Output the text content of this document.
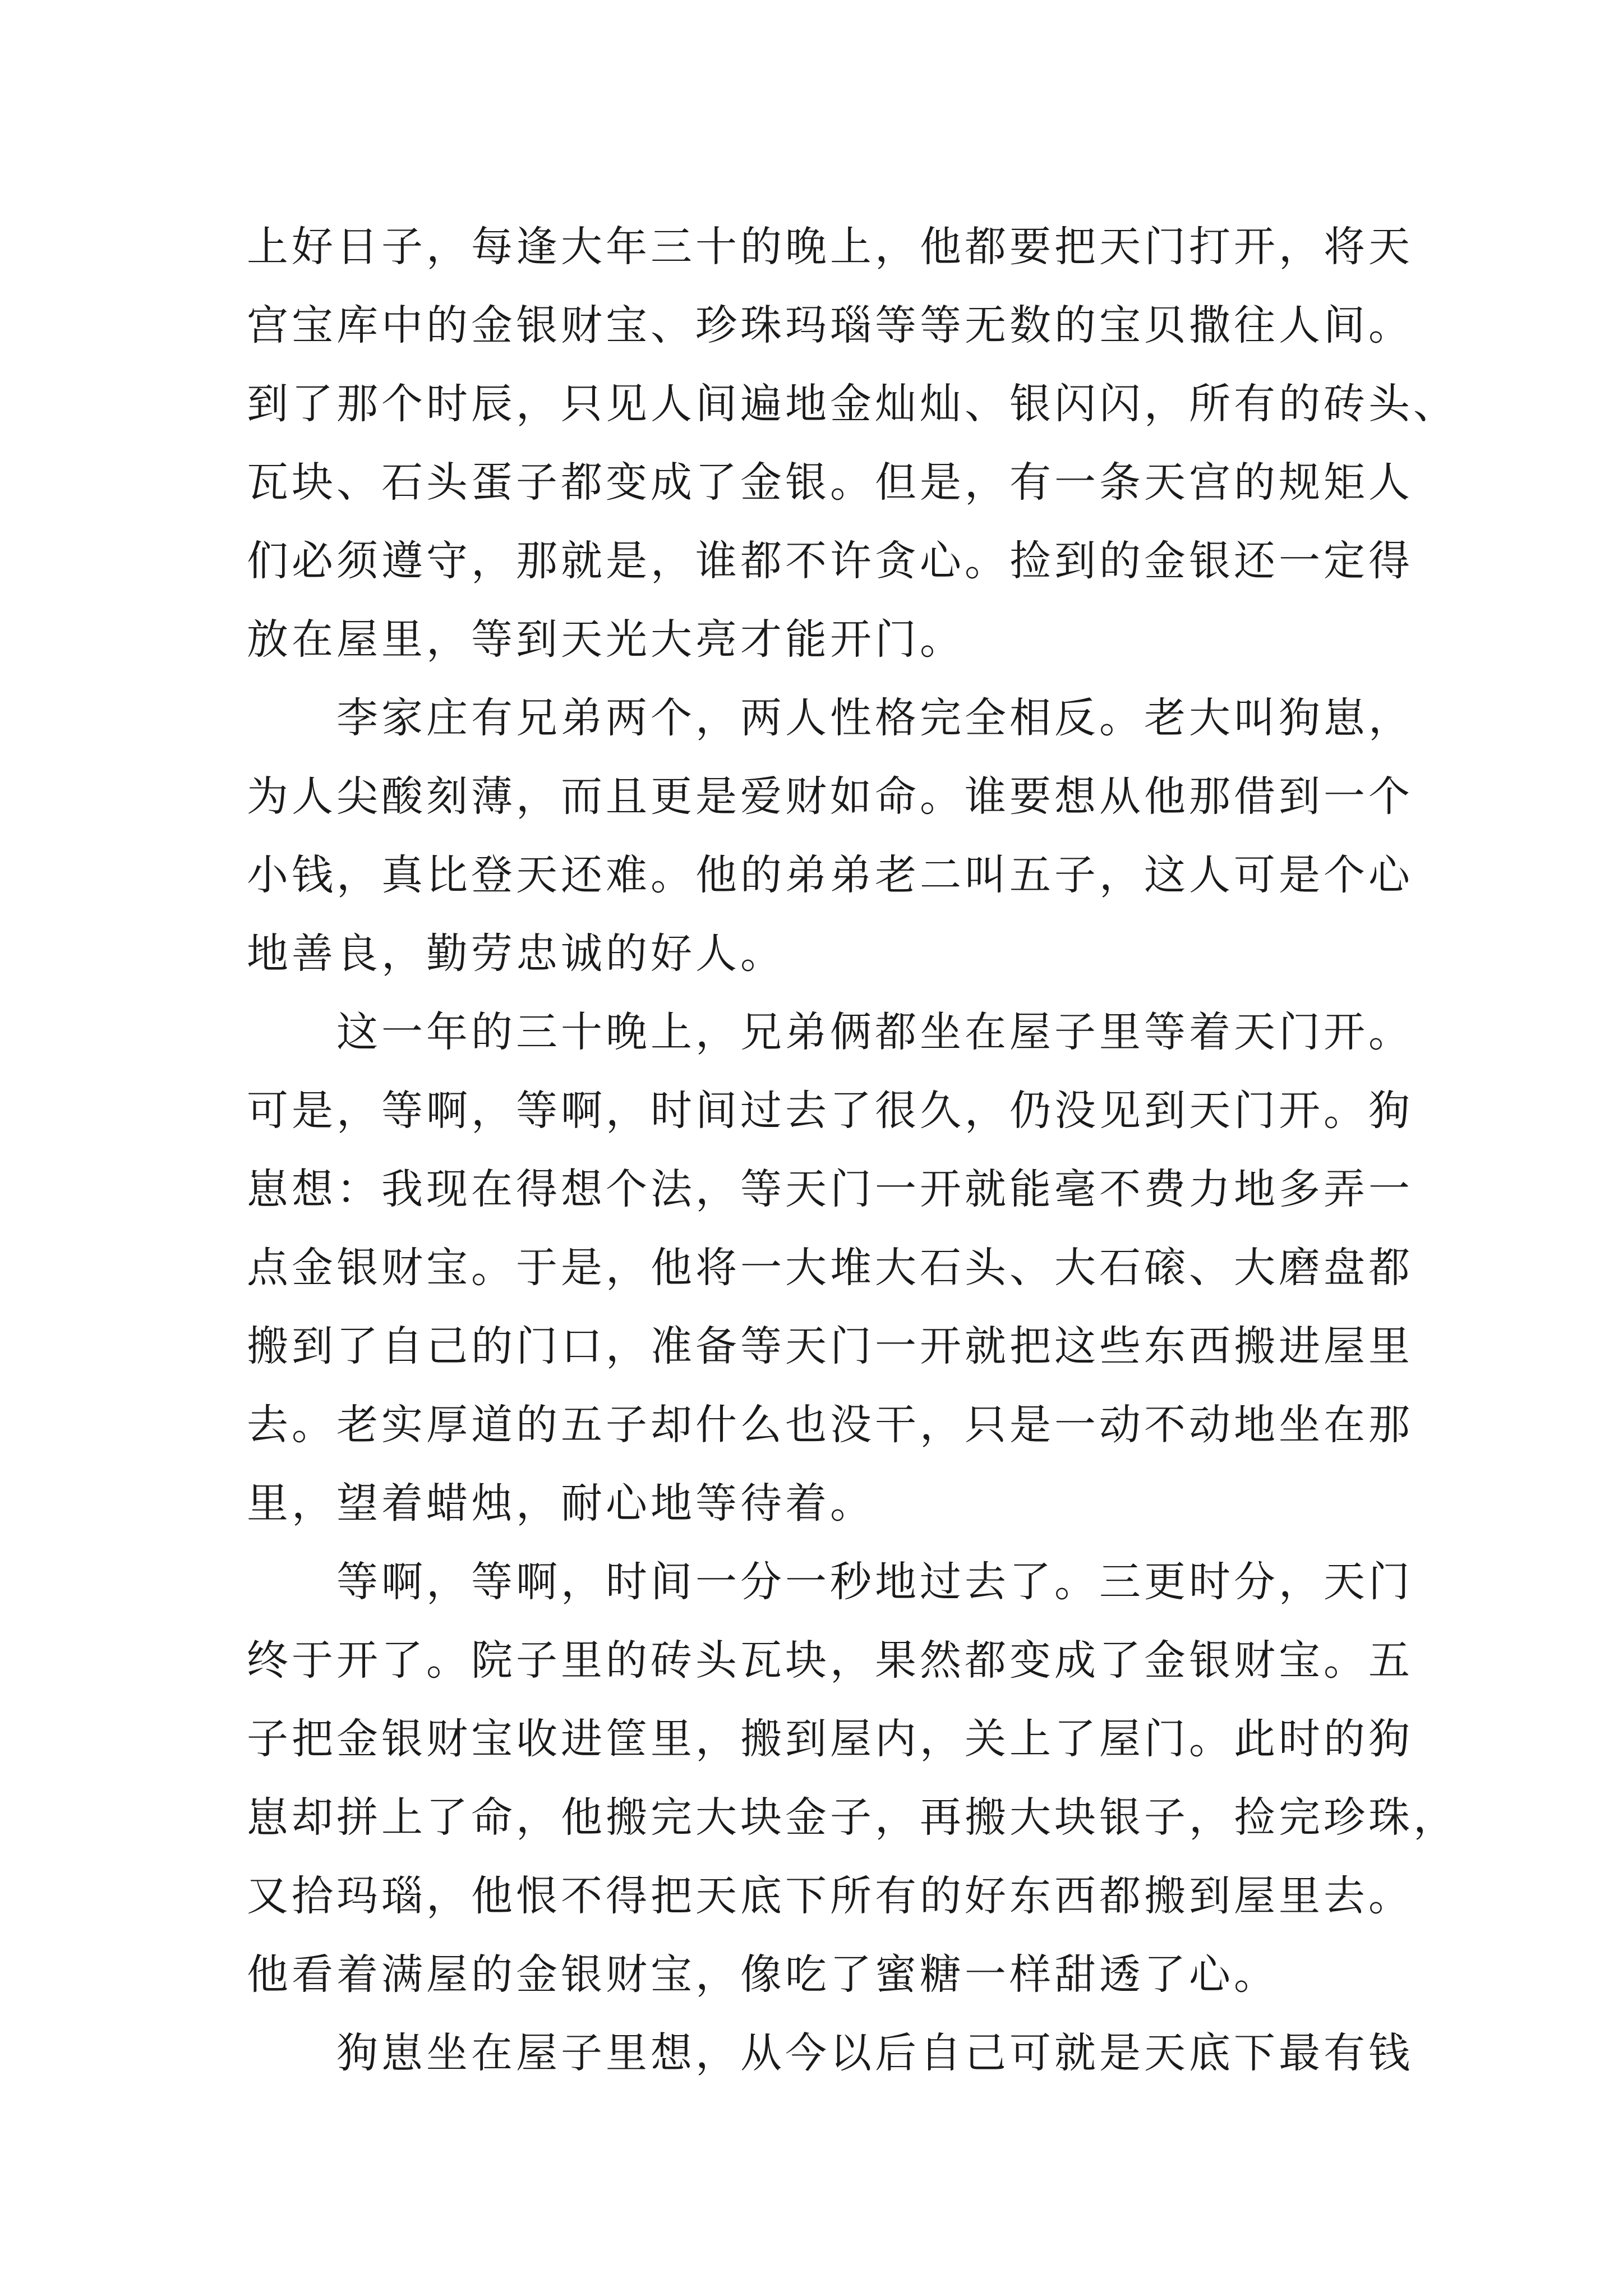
上好日子，每逢大年三十的晚上，他都要把天门打开，将天
宫宝库中的金银财宝、珍珠玛瑙等等无数的宝贝撒往人间。
到了那个时辰，只见人间遍地金灿灿、银闪闪，所有的砖头、
瓦块、石头蛋子都变成了金银。但是，有一条天宫的规矩人
们必须遵守，那就是，谁都不许贪心。捡到的金银还一定得
放在屋里，等到天光大亮才能开门。
李家庄有兄弟两个，两人性格完全相反。老大叫狗崽，
为人尖酸刻薄，而且更是爱财如命。谁要想从他那借到一个
小钱，真比登天还难。他的弟弟老二叫五子，这人可是个心
地善良，勤劳忠诚的好人。
这一年的三十晚上，兄弟俩都坐在屋子里等着天门开。
可是，等啊，等啊，时间过去了很久，仍没见到天门开。狗
崽想：我现在得想个法，等天门一开就能毫不费力地多弄一
点金银财宝。于是，他将一大堆大石头、大石磙、大磨盘都
搬到了自己的门口，准备等天门一开就把这些东西搬进屋里
去。老实厚道的五子却什么也没干，只是一动不动地坐在那
里，望着蜡烛，耐心地等待着。
等啊，等啊，时间一分一秒地过去了。三更时分，天门
终于开了。院子里的砖头瓦块，果然都变成了金银财宝。五
子把金银财宝收进筐里，搬到屋内，关上了屋门。此时的狗
崽却拼上了命，他搬完大块金子，再搬大块银子，捡完珍珠，
又拾玛瑙，他恨不得把天底下所有的好东西都搬到屋里去。
他看着满屋的金银财宝，像吃了蜜糖一样甜透了心。
狗崽坐在屋子里想，从今以后自己可就是天底下最有钱
